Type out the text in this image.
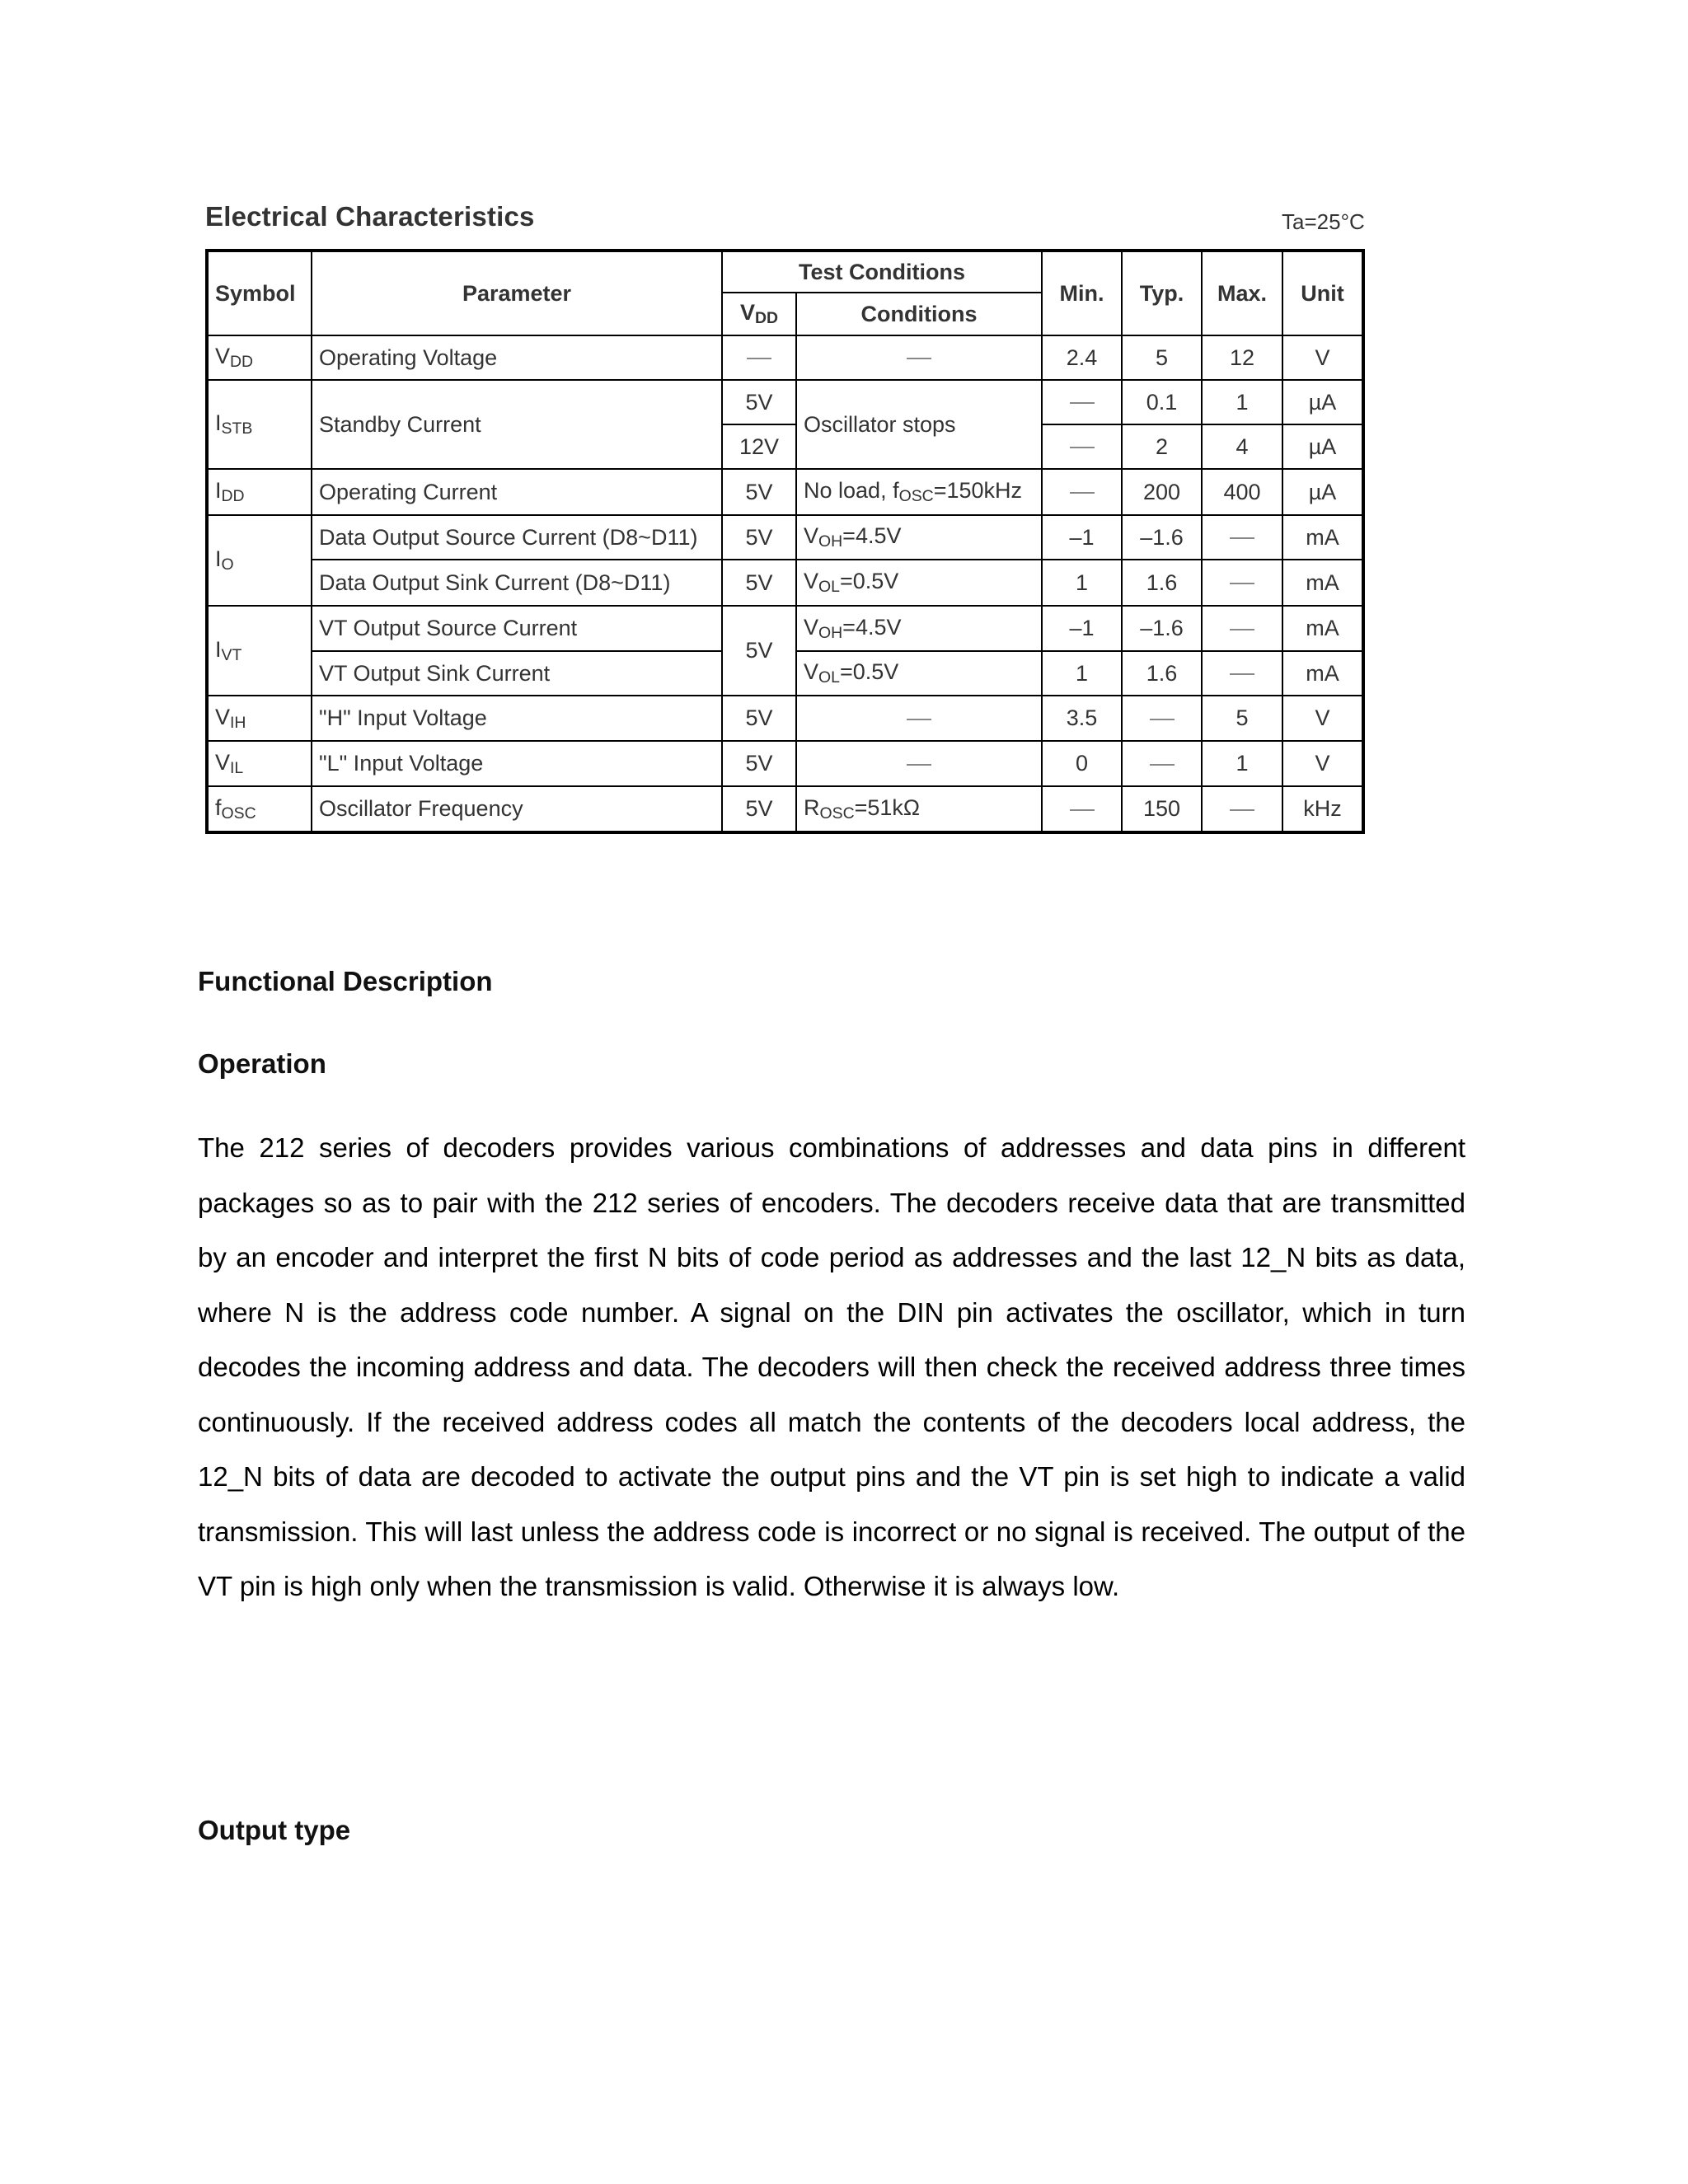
Electrical Characteristics	Ta=25°C
Symbol	Parameter	Test Conditions		Min.	Typ.	Max.	Unit
		$V_{DD}$	Conditions				
$V_{DD}$	Operating Voltage			2.4	5	12	V
$I_{STB}$	Standby Current	5V	Oscillator stops		0.1	1	µA
		12V			2	4	µA
$I_{DD}$	Operating Current	5V	No load, $f_{OSC}=150kHz$		200	400	µA
$I_O$	Data Output Source Current (D8~D11)	5V	$V_{OH}=4.5V$	–1	–1.6		mA
	Data Output Sink Current (D8~D11)	5V	$V_{OL}=0.5V$	1	1.6		mA
$I_{VT}$	VT Output Source Current	5V	$V_{OH}=4.5V$	–1	–1.6		mA
	VT Output Sink Current		$V_{OL}=0.5V$	1	1.6		mA
$V_{IH}$	"H" Input Voltage	5V		3.5		5	V
$V_{IL}$	"L" Input Voltage	5V		0		1	V
$f_{OSC}$	Oscillator Frequency	5V	$R_{OSC}=51k\Omega$		150		kHz
Functional Description
Operation
The 212 series of decoders provides various combinations of addresses and data pins in different
packages so as to pair with the 212 series of encoders. The decoders receive data that are transmitted
by an encoder and interpret the first N bits of code period as addresses and the last 12_N bits as data,
where N is the address code number. A signal on the DIN pin activates the oscillator, which in turn
decodes the incoming address and data. The decoders will then check the received address three times
continuously. If the received address codes all match the contents of the decoders local address, the
12_N bits of data are decoded to activate the output pins and the VT pin is set high to indicate a valid
transmission. This will last unless the address code is incorrect or no signal is received. The output of the
VT pin is high only when the transmission is valid. Otherwise it is always low.
Output type
